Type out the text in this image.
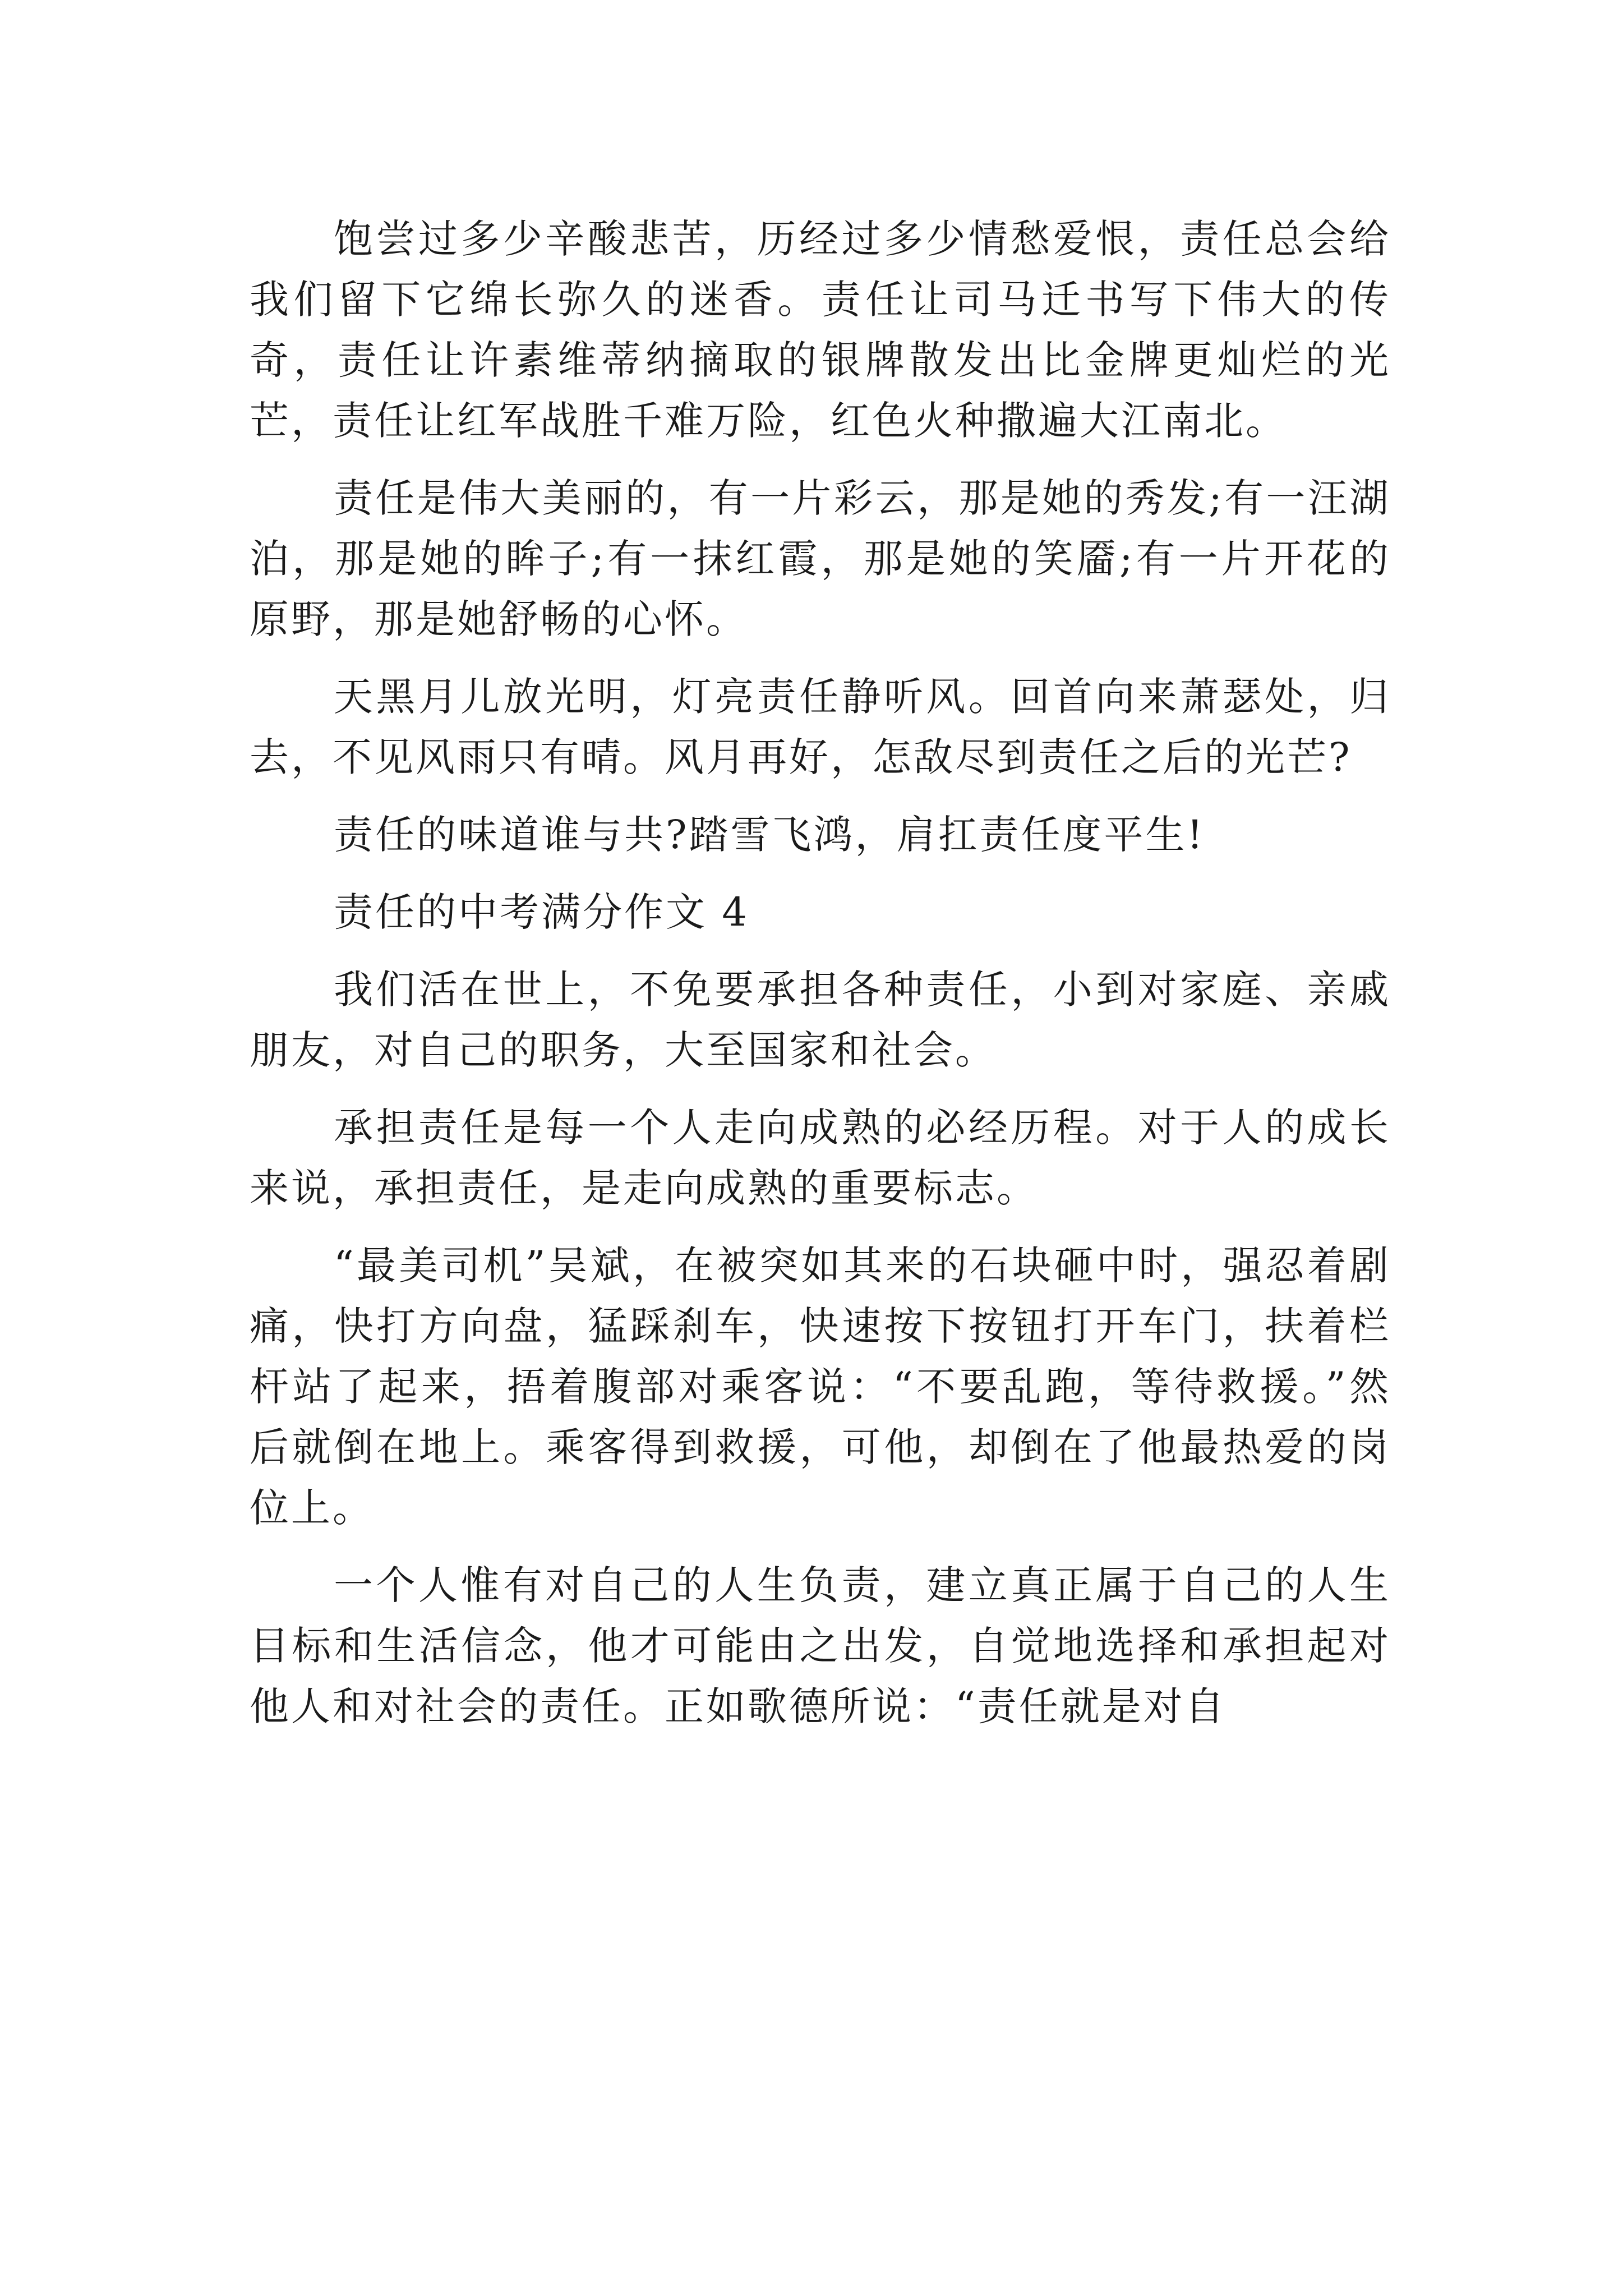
饱尝过多少辛酸悲苦，历经过多少情愁爱恨，责任总会给我们留下它绵长弥久的迷香。责任让司马迁书写下伟大的传奇，责任让许素维蒂纳摘取的银牌散发出比金牌更灿烂的光芒，责任让红军战胜千难万险，红色火种撒遍大江南北。

责任是伟大美丽的，有一片彩云，那是她的秀发;有一汪湖泊，那是她的眸子;有一抹红霞，那是她的笑靥;有一片开花的原野，那是她舒畅的心怀。

天黑月儿放光明，灯亮责任静听风。回首向来萧瑟处，归去，不见风雨只有晴。风月再好，怎敌尽到责任之后的光芒?

责任的味道谁与共?踏雪飞鸿，肩扛责任度平生!

责任的中考满分作文 4

我们活在世上，不免要承担各种责任，小到对家庭、亲戚朋友，对自己的职务，大至国家和社会。

承担责任是每一个人走向成熟的必经历程。对于人的成长来说，承担责任，是走向成熟的重要标志。

“最美司机”吴斌，在被突如其来的石块砸中时，强忍着剧痛，快打方向盘，猛踩刹车，快速按下按钮打开车门，扶着栏杆站了起来，捂着腹部对乘客说：“不要乱跑，等待救援。”然后就倒在地上。乘客得到救援，可他，却倒在了他最热爱的岗位上。

一个人惟有对自己的人生负责，建立真正属于自己的人生目标和生活信念，他才可能由之出发，自觉地选择和承担起对他人和对社会的责任。正如歌德所说：“责任就是对自
